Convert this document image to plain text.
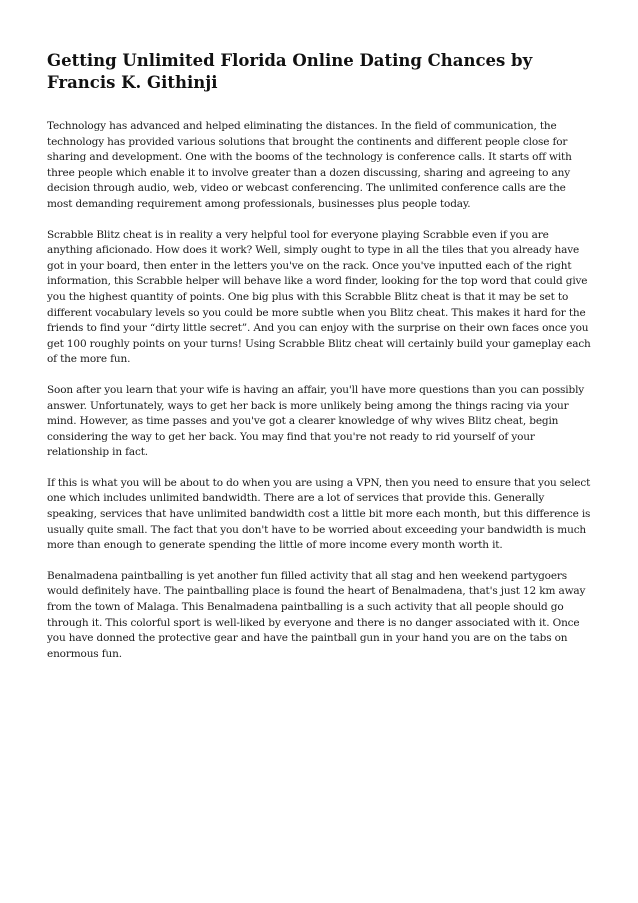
Getting Unlimited Florida Online Dating Chances by Francis K. Githinji

Technology has advanced and helped eliminating the distances. In the field of communication, the technology has provided various solutions that brought the continents and different people close for sharing and development. One with the booms of the technology is conference calls. It starts off with three people which enable it to involve greater than a dozen discussing, sharing and agreeing to any decision through audio, web, video or webcast conferencing. The unlimited conference calls are the most demanding requirement among professionals, businesses plus people today.

Scrabble Blitz cheat is in reality a very helpful tool for everyone playing Scrabble even if you are anything aficionado. How does it work? Well, simply ought to type in all the tiles that you already have got in your board, then enter in the letters you've on the rack. Once you've inputted each of the right information, this Scrabble helper will behave like a word finder, looking for the top word that could give you the highest quantity of points. One big plus with this Scrabble Blitz cheat is that it may be set to different vocabulary levels so you could be more subtle when you Blitz cheat. This makes it hard for the friends to find your “dirty little secret”. And you can enjoy with the surprise on their own faces once you get 100 roughly points on your turns! Using Scrabble Blitz cheat will certainly build your gameplay each of the more fun.

Soon after you learn that your wife is having an affair, you'll have more questions than you can possibly answer. Unfortunately, ways to get her back is more unlikely being among the things racing via your mind. However, as time passes and you've got a clearer knowledge of why wives Blitz cheat, begin considering the way to get her back. You may find that you're not ready to rid yourself of your relationship in fact.

If this is what you will be about to do when you are using a VPN, then you need to ensure that you select one which includes unlimited bandwidth. There are a lot of services that provide this. Generally speaking, services that have unlimited bandwidth cost a little bit more each month, but this difference is usually quite small. The fact that you don't have to be worried about exceeding your bandwidth is much more than enough to generate spending the little of more income every month worth it.

Benalmadena paintballing is yet another fun filled activity that all stag and hen weekend partygoers would definitely have. The paintballing place is found the heart of Benalmadena, that's just 12 km away from the town of Malaga. This Benalmadena paintballing is a such activity that all people should go through it. This colorful sport is well-liked by everyone and there is no danger associated with it. Once you have donned the protective gear and have the paintball gun in your hand you are on the tabs on enormous fun.
